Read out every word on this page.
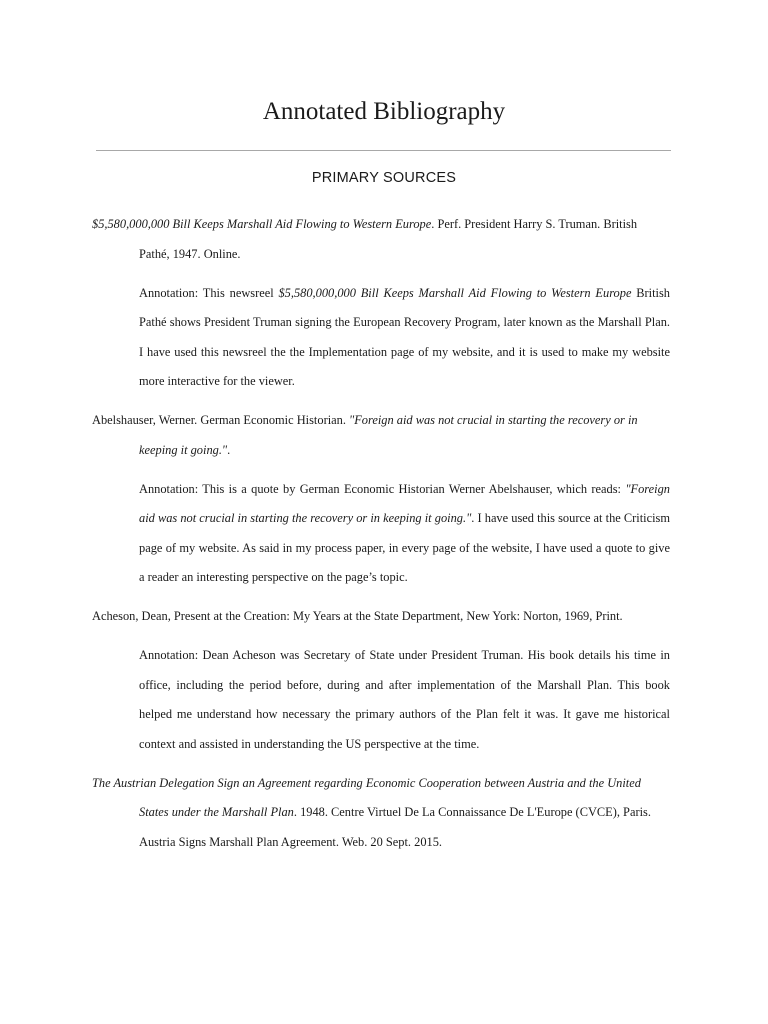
Annotated Bibliography
PRIMARY SOURCES

$5,580,000,000 Bill Keeps Marshall Aid Flowing to Western Europe. Perf. President Harry S. Truman. British Pathé, 1947. Online.

Annotation: This newsreel $5,580,000,000 Bill Keeps Marshall Aid Flowing to Western Europe British Pathé shows President Truman signing the European Recovery Program, later known as the Marshall Plan. I have used this newsreel the the Implementation page of my website, and it is used to make my website more interactive for the viewer.

Abelshauser, Werner. German Economic Historian. "Foreign aid was not crucial in starting the recovery or in keeping it going.".

Annotation: This is a quote by German Economic Historian Werner Abelshauser, which reads: "Foreign aid was not crucial in starting the recovery or in keeping it going.". I have used this source at the Criticism page of my website. As said in my process paper, in every page of the website, I have used a quote to give a reader an interesting perspective on the page’s topic.

Acheson, Dean, Present at the Creation: My Years at the State Department, New York: Norton, 1969, Print.

Annotation: Dean Acheson was Secretary of State under President Truman. His book details his time in office, including the period before, during and after implementation of the Marshall Plan. This book helped me understand how necessary the primary authors of the Plan felt it was. It gave me historical context and assisted in understanding the US perspective at the time.

The Austrian Delegation Sign an Agreement regarding Economic Cooperation between Austria and the United States under the Marshall Plan. 1948. Centre Virtuel De La Connaissance De L'Europe (CVCE), Paris. Austria Signs Marshall Plan Agreement. Web. 20 Sept. 2015.
